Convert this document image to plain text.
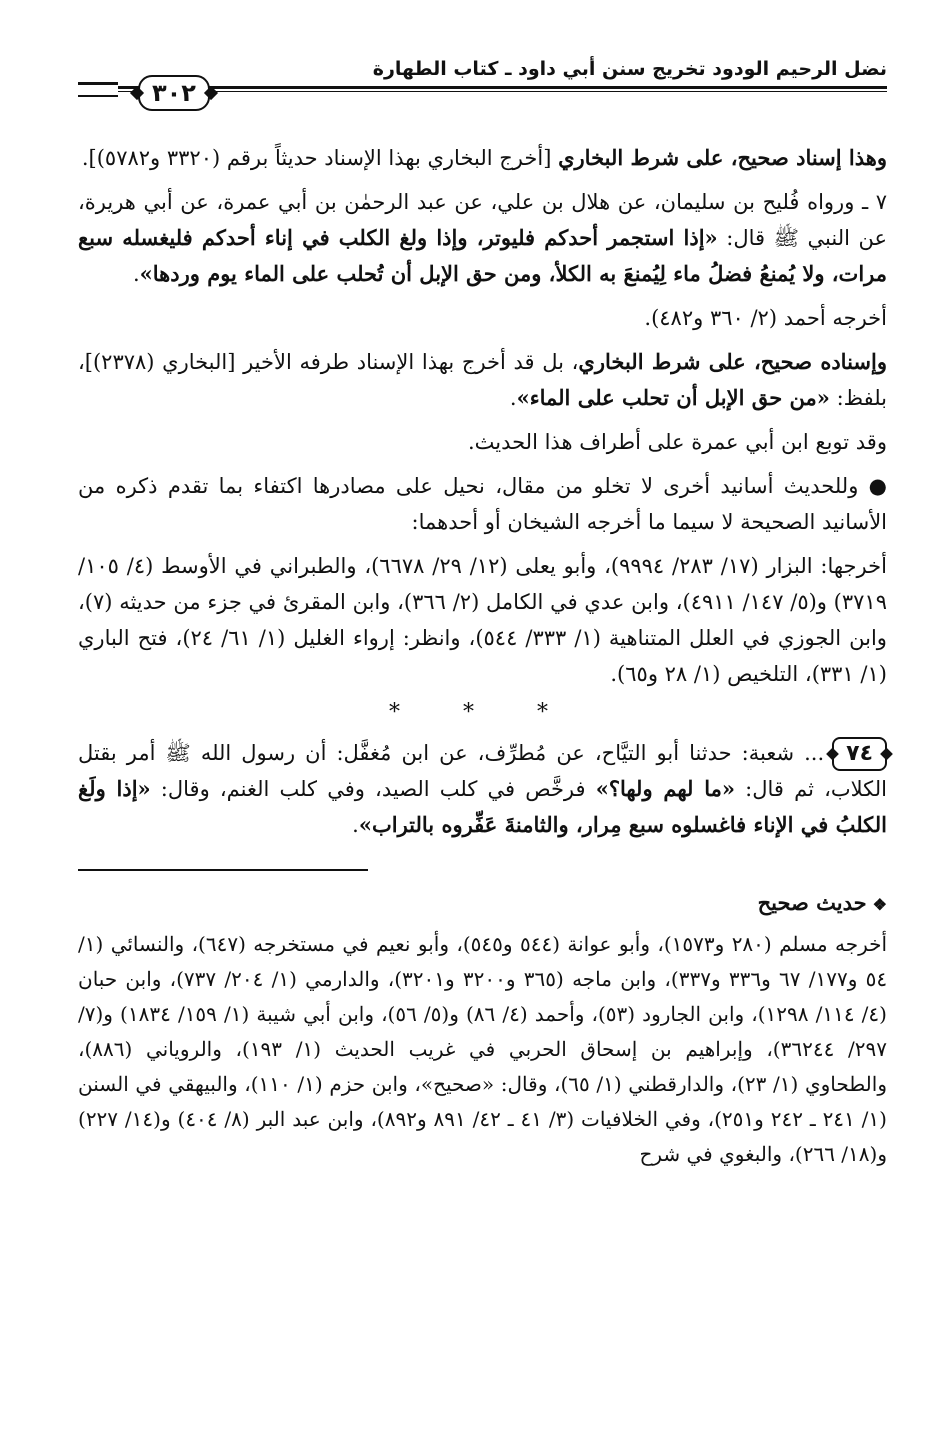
نضل الرحيم الودود تخريج سنن أبي داود ـ كتاب الطهارة
٣٠٢

وهذا إسناد صحيح، على شرط البخاري [أخرج البخاري بهذا الإسناد حديثاً برقم (٣٣٢٠ و٥٧٨٢)].

٧ ـ ورواه فُليح بن سليمان، عن هلال بن علي، عن عبد الرحمٰن بن أبي عمرة، عن أبي هريرة، عن النبي ﷺ قال: «إذا استجمر أحدكم فليوتر، وإذا ولغ الكلب في إناء أحدكم فليغسله سبع مرات، ولا يُمنعُ فضلُ ماء لِيُمنعَ به الكلأ، ومن حق الإبل أن تُحلب على الماء يوم وردها».

أخرجه أحمد (٢/ ٣٦٠ و٤٨٢).

وإسناده صحيح، على شرط البخاري، بل قد أخرج بهذا الإسناد طرفه الأخير [البخاري (٢٣٧٨)]، بلفظ: «من حق الإبل أن تحلب على الماء».

وقد توبع ابن أبي عمرة على أطراف هذا الحديث.

● وللحديث أسانيد أخرى لا تخلو من مقال، نحيل على مصادرها اكتفاء بما تقدم ذكره من الأسانيد الصحيحة لا سيما ما أخرجه الشيخان أو أحدهما:

أخرجها: البزار (١٧/ ٢٨٣/ ٩٩٩٤)، وأبو يعلى (١٢/ ٢٩/ ٦٦٧٨)، والطبراني في الأوسط (٤/ ١٠٥/ ٣٧١٩) و(٥/ ١٤٧/ ٤٩١١)، وابن عدي في الكامل (٢/ ٣٦٦)، وابن المقرئ في جزء من حديثه (٧)، وابن الجوزي في العلل المتناهية (١/ ٣٣٣/ ٥٤٤)، وانظر: إرواء الغليل (١/ ٦١/ ٢٤)، فتح الباري (١/ ٣٣١)، التلخيص (١/ ٢٨ و٦٥).

* * *

٧٤... شعبة: حدثنا أبو التيَّاح، عن مُطرِّف، عن ابن مُغفَّل: أن رسول الله ﷺ أمر بقتل الكلاب، ثم قال: «ما لهم ولها؟» فرخَّص في كلب الصيد، وفي كلب الغنم، وقال: «إذا ولَغ الكلبُ في الإناء فاغسلوه سبع مِرار، والثامنةَ عَفِّروه بالتراب».

❖حديث صحيح

أخرجه مسلم (٢٨٠ و١٥٧٣)، وأبو عوانة (٥٤٤ و٥٤٥)، وأبو نعيم في مستخرجه (٦٤٧)، والنسائي (١/ ٥٤ و١٧٧/ ٦٧ و٣٣٦ و٣٣٧)، وابن ماجه (٣٦٥ و٣٢٠٠ و٣٢٠١)، والدارمي (١/ ٢٠٤/ ٧٣٧)، وابن حبان (٤/ ١١٤/ ١٢٩٨)، وابن الجارود (٥٣)، وأحمد (٤/ ٨٦) و(٥/ ٥٦)، وابن أبي شيبة (١/ ١٥٩/ ١٨٣٤) و(٧/ ٢٩٧/ ٣٦٢٤٤)، وإبراهيم بن إسحاق الحربي في غريب الحديث (١/ ١٩٣)، والروياني (٨٨٦)، والطحاوي (١/ ٢٣)، والدارقطني (١/ ٦٥)، وقال: «صحيح»، وابن حزم (١/ ١١٠)، والبيهقي في السنن (١/ ٢٤١ ـ ٢٤٢ و٢٥١)، وفي الخلافيات (٣/ ٤١ ـ ٤٢/ ٨٩١ و٨٩٢)، وابن عبد البر (٨/ ٤٠٤) و(١٤/ ٢٢٧) و(١٨/ ٢٦٦)، والبغوي في شرح
